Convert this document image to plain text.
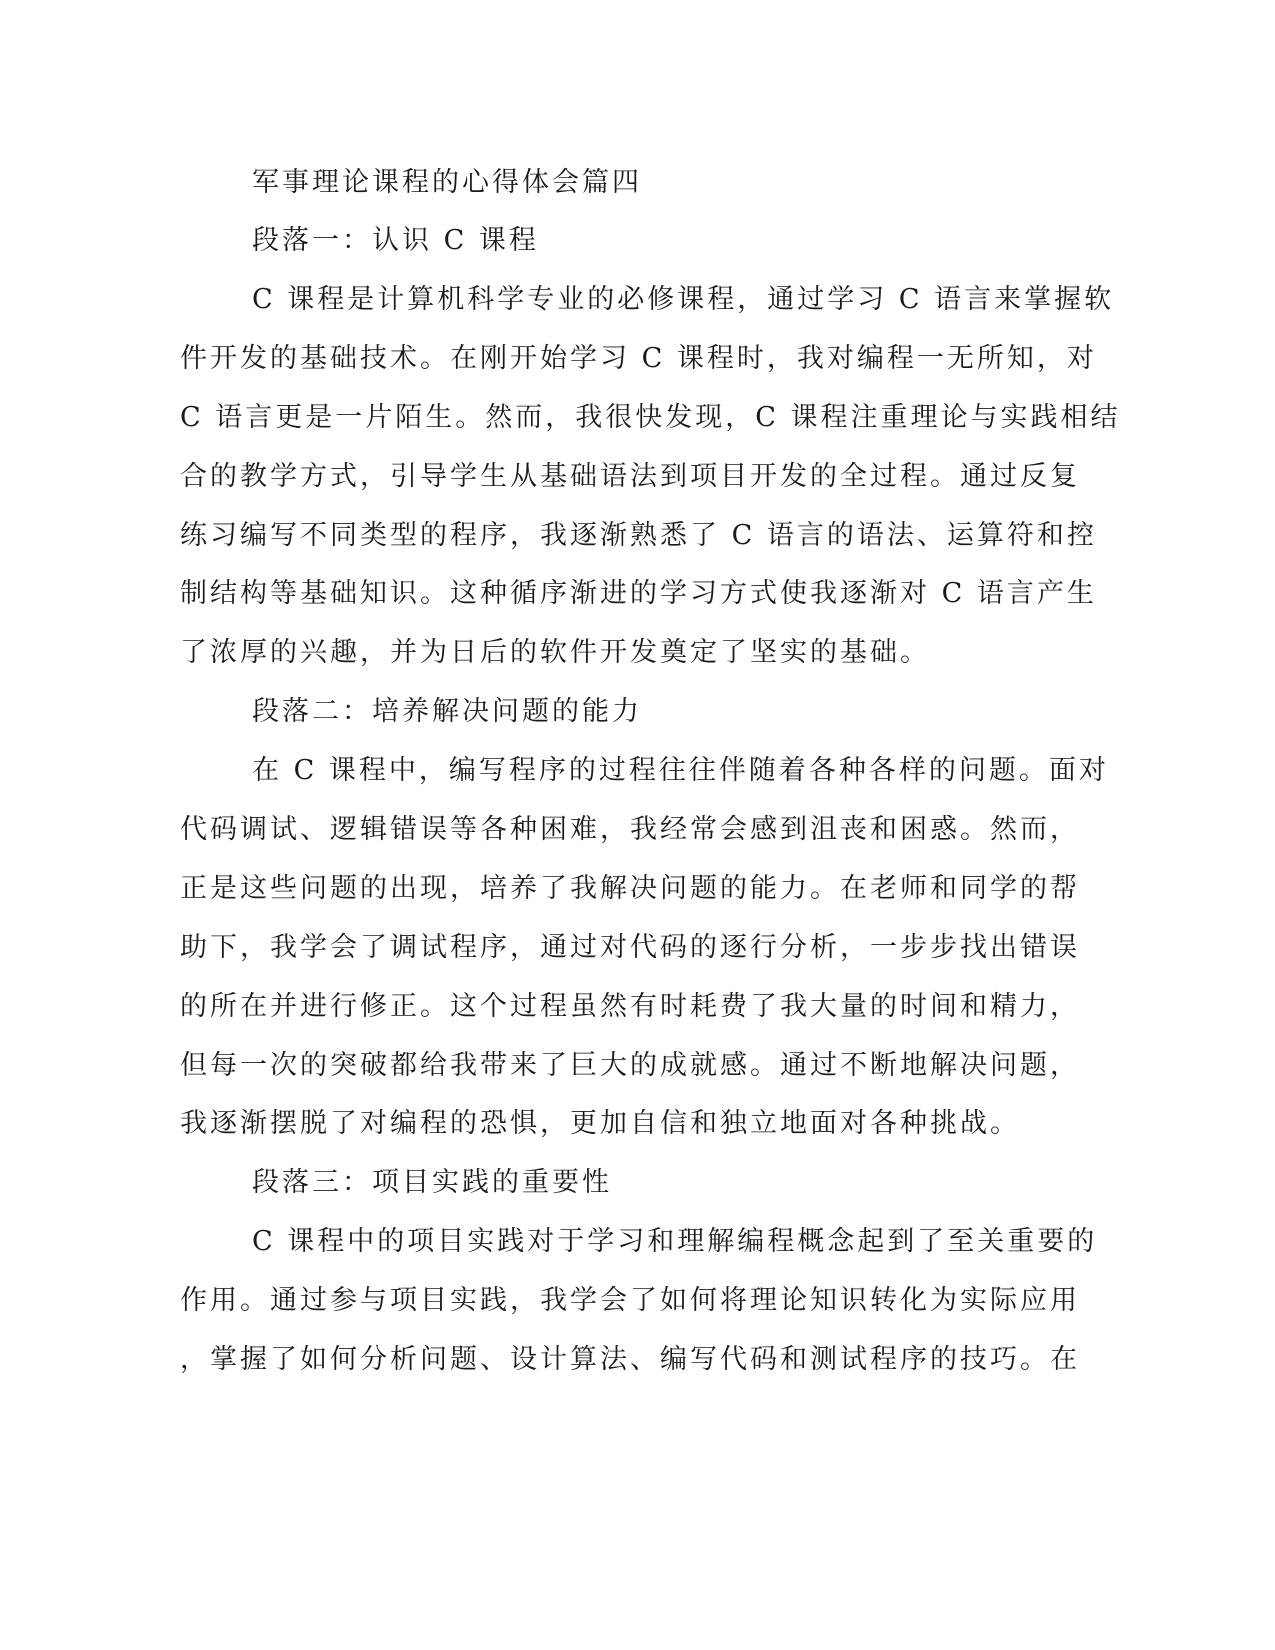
军事理论课程的心得体会篇四
段落一：认识 C 课程
C 课程是计算机科学专业的必修课程，通过学习 C 语言来掌握软
件开发的基础技术。在刚开始学习 C 课程时，我对编程一无所知，对
C 语言更是一片陌生。然而，我很快发现，C 课程注重理论与实践相结
合的教学方式，引导学生从基础语法到项目开发的全过程。通过反复
练习编写不同类型的程序，我逐渐熟悉了 C 语言的语法、运算符和控
制结构等基础知识。这种循序渐进的学习方式使我逐渐对 C 语言产生
了浓厚的兴趣，并为日后的软件开发奠定了坚实的基础。
段落二：培养解决问题的能力
在 C 课程中，编写程序的过程往往伴随着各种各样的问题。面对
代码调试、逻辑错误等各种困难，我经常会感到沮丧和困惑。然而，
正是这些问题的出现，培养了我解决问题的能力。在老师和同学的帮
助下，我学会了调试程序，通过对代码的逐行分析，一步步找出错误
的所在并进行修正。这个过程虽然有时耗费了我大量的时间和精力，
但每一次的突破都给我带来了巨大的成就感。通过不断地解决问题，
我逐渐摆脱了对编程的恐惧，更加自信和独立地面对各种挑战。
段落三：项目实践的重要性
C 课程中的项目实践对于学习和理解编程概念起到了至关重要的
作用。通过参与项目实践，我学会了如何将理论知识转化为实际应用
，掌握了如何分析问题、设计算法、编写代码和测试程序的技巧。在
